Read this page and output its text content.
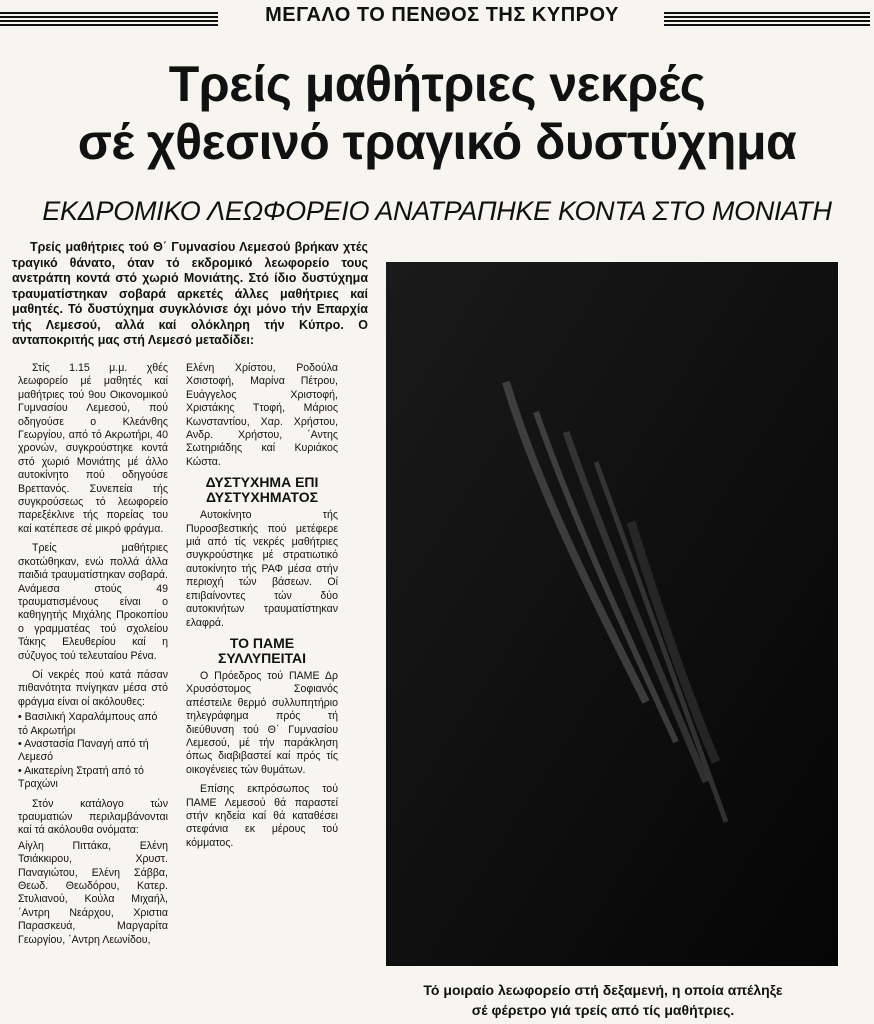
ΜΕΓΑΛΟ ΤΟ ΠΕΝΘΟΣ ΤΗΣ ΚΥΠΡΟΥ
Τρείς μαθήτριες νεκρές
σέ χθεσινό τραγικό δυστύχημα
ΕΚΔΡΟΜΙΚΟ ΛΕΩΦΟΡΕΙΟ ΑΝΑΤΡΑΠΗΚΕ ΚΟΝΤΑ ΣΤΟ ΜΟΝΙΑΤΗ

Τρείς μαθήτριες τού Θ΄ Γυμνασίου Λεμεσού βρήκαν χτές τραγικό θάνατο, όταν τό εκδρομικό λεωφορείο τους ανετράπη κοντά στό χωριό Μονιάτης. Στό ίδιο δυστύχημα τραυματίστηκαν σοβαρά αρκετές άλλες μαθήτριες καί μαθητές. Τό δυστύχημα συγκλόνισε όχι μόνο τήν Επαρχία τής Λεμεσού, αλλά καί ολόκληρη τήν Κύπρο. Ο ανταποκριτής μας στή Λεμεσό μεταδίδει:

Στίς 1.15 μ.μ. χθές λεωφορείο μέ μαθητές καί μαθήτριες τού 9ου Οικονομικού Γυμνασίου Λεμεσού, πού οδηγούσε ο Κλεάνθης Γεωργίου, από τό Ακρωτήρι, 40 χρονών, συγκρούστηκε κοντά στό χωριό Μονιάτης μέ άλλο αυτοκίνητο πού οδηγούσε Βρεττανός. Συνεπεία τής συγκρούσεως τό λεωφορείο παρεξέκλινε τής πορείας του καί κατέπεσε σέ μικρό φράγμα.

Τρείς μαθήτριες σκοτώθηκαν, ενώ πολλά άλλα παιδιά τραυματίστηκαν σοβαρά. Ανάμεσα στούς 49 τραυματισμένους είναι ο καθηγητής Μιχάλης Προκοπίου ο γραμματέας τού σχολείου Τάκης Ελευθερίου καί η σύζυγος τού τελευταίου Ρένα.

Οί νεκρές πού κατά πάσαν πιθανότητα πνίγηκαν μέσα στό φράγμα είναι οί ακόλουθες:

• Βασιλική Χαραλάμπους από τό Ακρωτήρι

• Αναστασία Παναγή από τή Λεμεσό

• Αικατερίνη Στρατή από τό Τραχώνι

Στόν κατάλογο τών τραυματιών περιλαμβάνονται καί τά ακόλουθα ονόματα:

Αίγλη Πιττάκα, Ελένη Τσιάκκιρου, Χρυστ. Παναγιώτου, Ελένη Σάββα, Θεωδ. Θεωδόρου, Κατερ. Στυλιανού, Κούλα Μιχαήλ, ΄Αντρη Νεάρχου, Χριστια Παρασκευά, Μαργαρίτα Γεωργίου, ΄Αντρη Λεωνίδου,

Ελένη Χρίστου, Ροδούλα Χσιστοφή, Μαρίνα Πέτρου, Ευάγγελος Χριστοφή, Χριστάκης Ττοφή, Μάριος Κωνσταντίου, Χαρ. Χρήστου, Ανδρ. Χρήστου, ΄Αντης Σωτηριάδης καί Κυριάκος Κώστα.

ΔΥΣΤΥΧΗΜΑ ΕΠΙ ΔΥΣΤΥΧΗΜΑΤΟΣ

Αυτοκίνητο τής Πυροσβεστικής πού μετέφερε μιά από τίς νεκρές μαθήτριες συγκρούστηκε μέ στρατιωτικό αυτοκίνητο τής ΡΑΦ μέσα στήν περιοχή τών βάσεων. Οί επιβαίνοντες τών δύο αυτοκινήτων τραυματίστηκαν ελαφρά.

ΤΟ ΠΑΜΕ ΣΥΛΛΥΠΕΙΤΑΙ

Ο Πρόεδρος τού ΠΑΜΕ Δρ Χρυσόστομος Σοφιανός απέστειλε θερμό συλλυπητήριο τηλεγράφημα πρός τή διεύθυνση τού Θ΄ Γυμνασίου Λεμεσού, μέ τήν παράκληση όπως διαβιβαστεί καί πρός τίς οικογένειες τών θυμάτων.

Επίσης εκπρόσωπος τού ΠΑΜΕ Λεμεσού θά παραστεί στήν κηδεία καί θά καταθέσει στεφάνια εκ μέρους τού κόμματος.

Τό μοιραίο λεωφορείο στή δεξαμενή, η οποία απέληξε
σέ φέρετρο γιά τρείς από τίς μαθήτριες.
